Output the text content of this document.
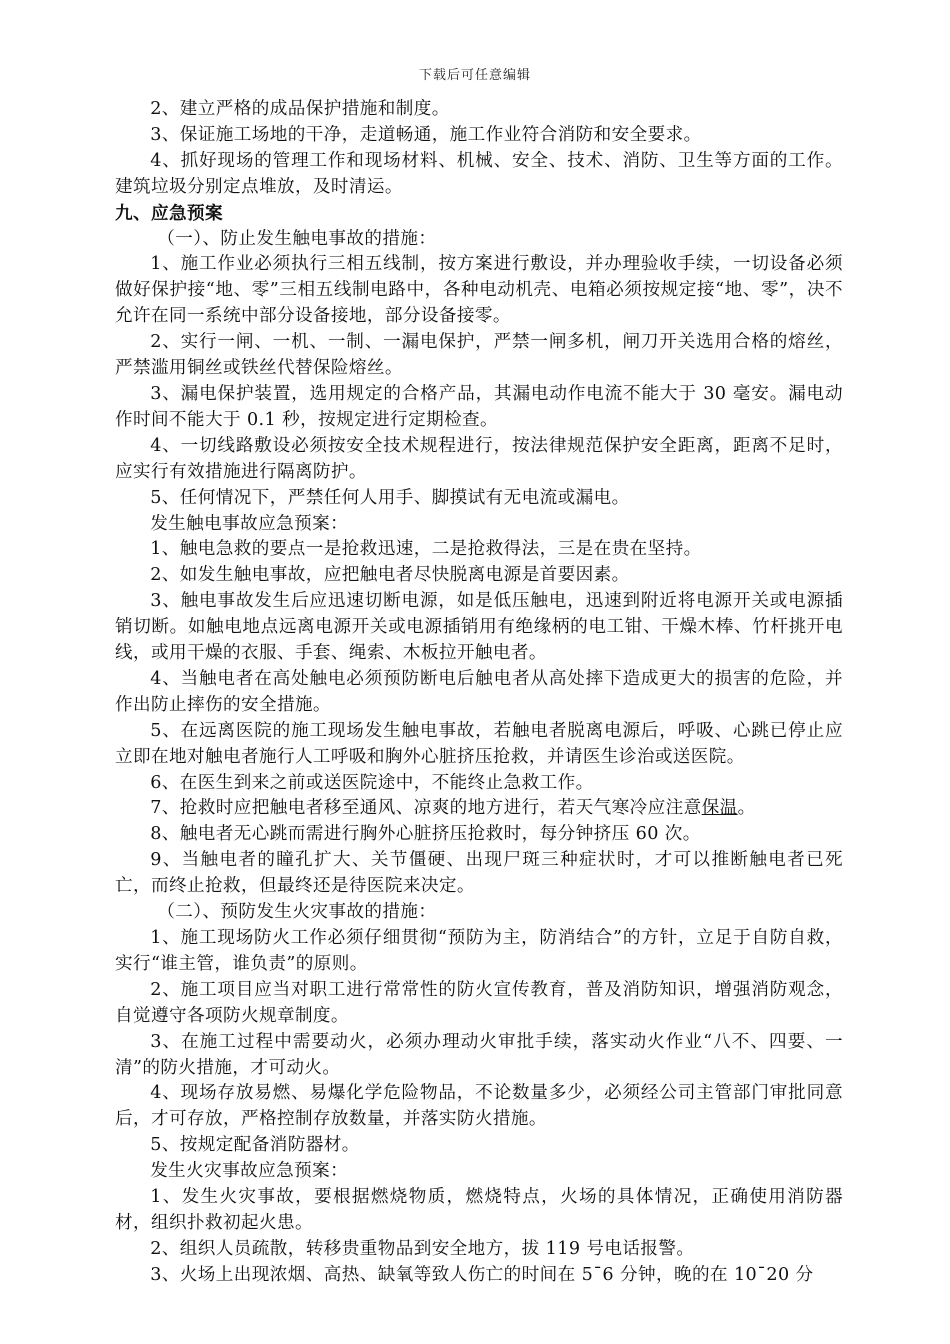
下载后可任意编辑

2、建立严格的成品保护措施和制度。

3、保证施工场地的干净，走道畅通，施工作业符合消防和安全要求。

4、抓好现场的管理工作和现场材料、机械、安全、技术、消防、卫生等方面的工作。建筑垃圾分别定点堆放，及时清运。

九、应急预案

（一）、防止发生触电事故的措施：

1、施工作业必须执行三相五线制，按方案进行敷设，并办理验收手续，一切设备必须做好保护接“地、零”三相五线制电路中，各种电动机壳、电箱必须按规定接“地、零”，决不允许在同一系统中部分设备接地，部分设备接零。

2、实行一闸、一机、一制、一漏电保护，严禁一闸多机，闸刀开关选用合格的熔丝，严禁滥用铜丝或铁丝代替保险熔丝。

3、漏电保护装置，选用规定的合格产品，其漏电动作电流不能大于 30 毫安。漏电动作时间不能大于 0.1 秒，按规定进行定期检查。

4、一切线路敷设必须按安全技术规程进行，按法律规范保护安全距离，距离不足时，应实行有效措施进行隔离防护。

5、任何情况下，严禁任何人用手、脚摸试有无电流或漏电。

发生触电事故应急预案：

1、触电急救的要点一是抢救迅速，二是抢救得法，三是在贵在坚持。

2、如发生触电事故，应把触电者尽快脱离电源是首要因素。

3、触电事故发生后应迅速切断电源，如是低压触电，迅速到附近将电源开关或电源插销切断。如触电地点远离电源开关或电源插销用有绝缘柄的电工钳、干燥木棒、竹杆挑开电线，或用干燥的衣服、手套、绳索、木板拉开触电者。

4、当触电者在高处触电必须预防断电后触电者从高处摔下造成更大的损害的危险，并作出防止摔伤的安全措施。

5、在远离医院的施工现场发生触电事故，若触电者脱离电源后，呼吸、心跳已停止应立即在地对触电者施行人工呼吸和胸外心脏挤压抢救，并请医生诊治或送医院。

6、在医生到来之前或送医院途中，不能终止急救工作。

7、抢救时应把触电者移至通风、凉爽的地方进行，若天气寒冷应注意保温。

8、触电者无心跳而需进行胸外心脏挤压抢救时，每分钟挤压 60 次。

9、当触电者的瞳孔扩大、关节僵硬、出现尸斑三种症状时，才可以推断触电者已死亡，而终止抢救，但最终还是待医院来决定。

（二）、预防发生火灾事故的措施：

1、施工现场防火工作必须仔细贯彻“预防为主，防消结合”的方针，立足于自防自救，实行“谁主管，谁负责”的原则。

2、施工项目应当对职工进行常常性的防火宣传教育，普及消防知识，增强消防观念，自觉遵守各项防火规章制度。

3、在施工过程中需要动火，必须办理动火审批手续，落实动火作业“八不、四要、一清”的防火措施，才可动火。

4、现场存放易燃、易爆化学危险物品，不论数量多少，必须经公司主管部门审批同意后，才可存放，严格控制存放数量，并落实防火措施。

5、按规定配备消防器材。

发生火灾事故应急预案：

1、发生火灾事故，要根据燃烧物质，燃烧特点，火场的具体情况，正确使用消防器材，组织扑救初起火患。

2、组织人员疏散，转移贵重物品到安全地方，拔 119 号电话报警。

3、火场上出现浓烟、高热、缺氧等致人伤亡的时间在 5¯6 分钟，晚的在 10¯20 分
